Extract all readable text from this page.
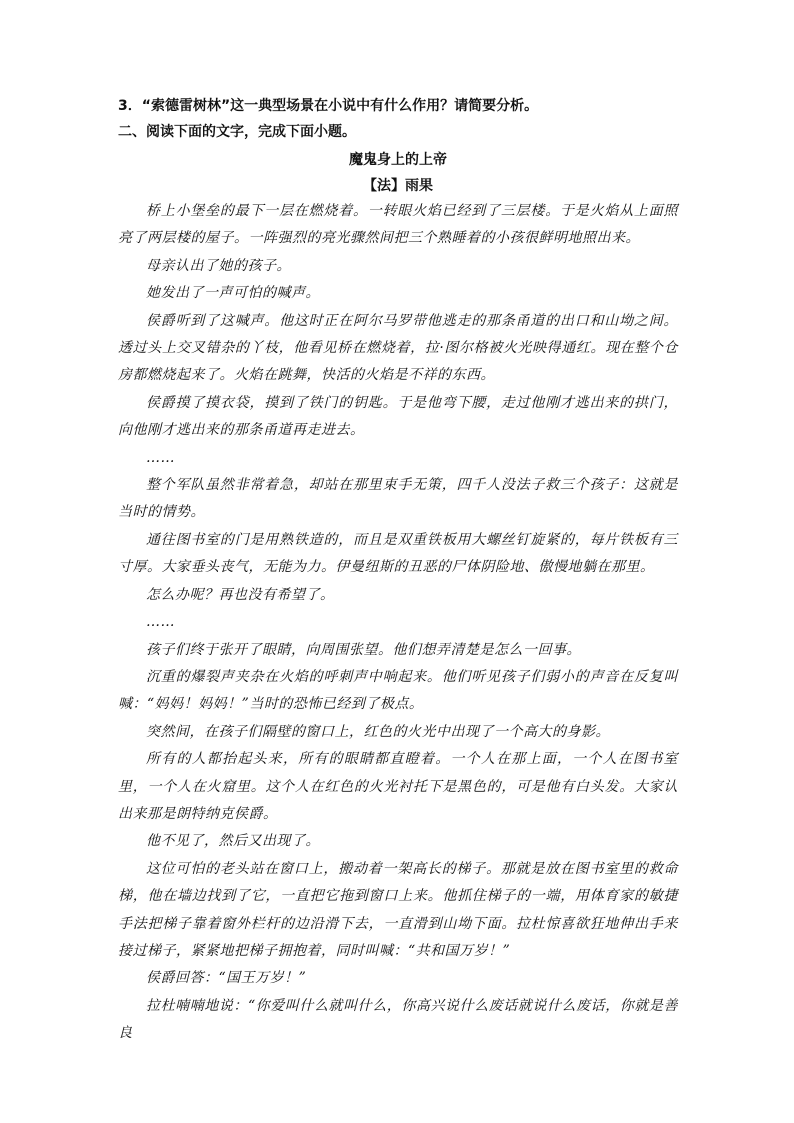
3．“索德雷树林”这一典型场景在小说中有什么作用？请简要分析。
二、阅读下面的文字，完成下面小题。
魔鬼身上的上帝
【法】雨果

桥上小堡垒的最下一层在燃烧着。一转眼火焰已经到了三层楼。于是火焰从上面照亮了两层楼的屋子。一阵强烈的亮光骤然间把三个熟睡着的小孩很鲜明地照出来。

母亲认出了她的孩子。

她发出了一声可怕的喊声。

侯爵听到了这喊声。他这时正在阿尔马罗带他逃走的那条甬道的出口和山坳之间。透过头上交叉错杂的丫枝，他看见桥在燃烧着，拉·图尔格被火光映得通红。现在整个仓房都燃烧起来了。火焰在跳舞，快活的火焰是不祥的东西。

侯爵摸了摸衣袋，摸到了铁门的钥匙。于是他弯下腰，走过他刚才逃出来的拱门，向他刚才逃出来的那条甬道再走进去。

……

整个军队虽然非常着急，却站在那里束手无策，四千人没法子救三个孩子：这就是当时的情势。

通往图书室的门是用熟铁造的，而且是双重铁板用大螺丝钉旋紧的，每片铁板有三寸厚。大家垂头丧气，无能为力。伊曼纽斯的丑恶的尸体阴险地、傲慢地躺在那里。

怎么办呢？再也没有希望了。

……

孩子们终于张开了眼睛，向周围张望。他们想弄清楚是怎么一回事。

沉重的爆裂声夹杂在火焰的呼刺声中响起来。他们听见孩子们弱小的声音在反复叫喊：“妈妈！妈妈！”当时的恐怖已经到了极点。

突然间，在孩子们隔壁的窗口上，红色的火光中出现了一个高大的身影。

所有的人都抬起头来，所有的眼睛都直瞪着。一个人在那上面，一个人在图书室里，一个人在火窟里。这个人在红色的火光衬托下是黑色的，可是他有白头发。大家认出来那是朗特纳克侯爵。

他不见了，然后又出现了。

这位可怕的老头站在窗口上，搬动着一架高长的梯子。那就是放在图书室里的救命梯，他在墙边找到了它，一直把它拖到窗口上来。他抓住梯子的一端，用体育家的敏捷手法把梯子靠着窗外栏杆的边沿滑下去，一直滑到山坳下面。拉杜惊喜欲狂地伸出手来接过梯子，紧紧地把梯子拥抱着，同时叫喊：“共和国万岁！”

侯爵回答：“国王万岁！”

拉杜喃喃地说：“你爱叫什么就叫什么，你高兴说什么废话就说什么废话，你就是善良
